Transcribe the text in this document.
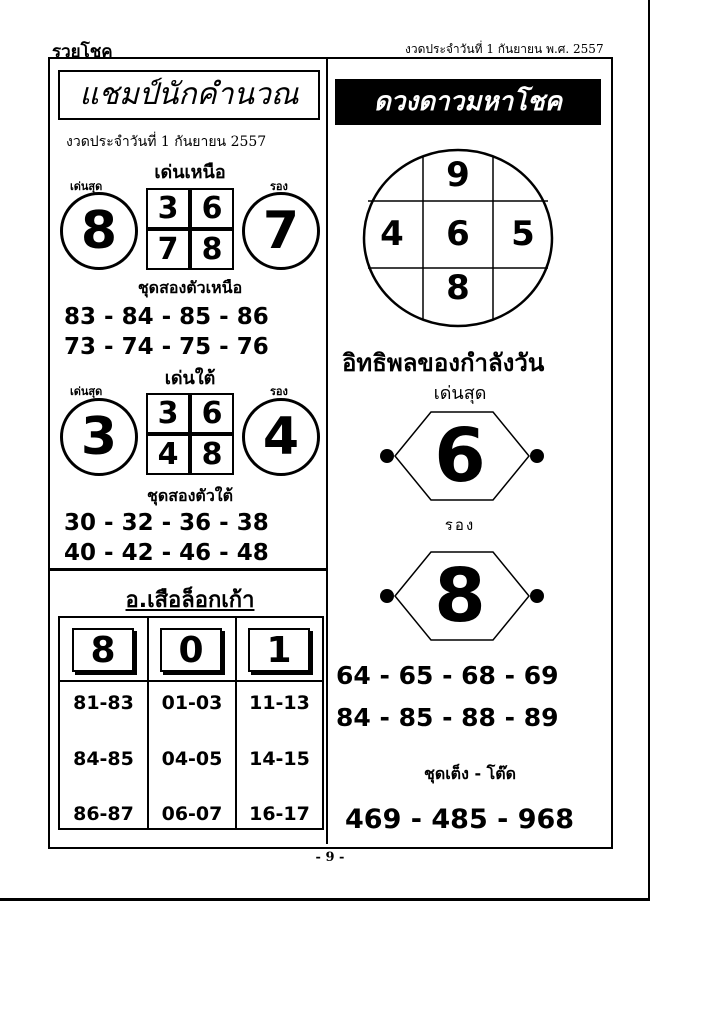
รวยโชค	งวดประจำวันที่ 1 กันยายน พ.ศ. 2557
แชมป์นักคำนวณ
งวดประจำวันที่ 1 กันยายน 2557
เด่นเหนือ
เด่นสุด	รอง
8	7
3 6
7 8
ชุดสองตัวเหนือ
83 - 84 - 85 - 86
73 - 74 - 75 - 76
เด่นใต้
เด่นสุด	รอง
3	4
3 6
4 8
ชุดสองตัวใต้
30 - 32 - 36 - 38
40 - 42 - 46 - 48
อ.เสือล็อกเก้า
8	0	1
81-83	01-03	11-13
84-85	04-05	14-15
86-87	06-07	16-17
ดวงดาวมหาโชค
9
4	6	5
8
อิทธิพลของกำลังวัน
เด่นสุด
6
รอง
8
64 - 65 - 68 - 69
84 - 85 - 88 - 89
ชุดเต็ง - โต๊ด
469 - 485 - 968
- 9 -
